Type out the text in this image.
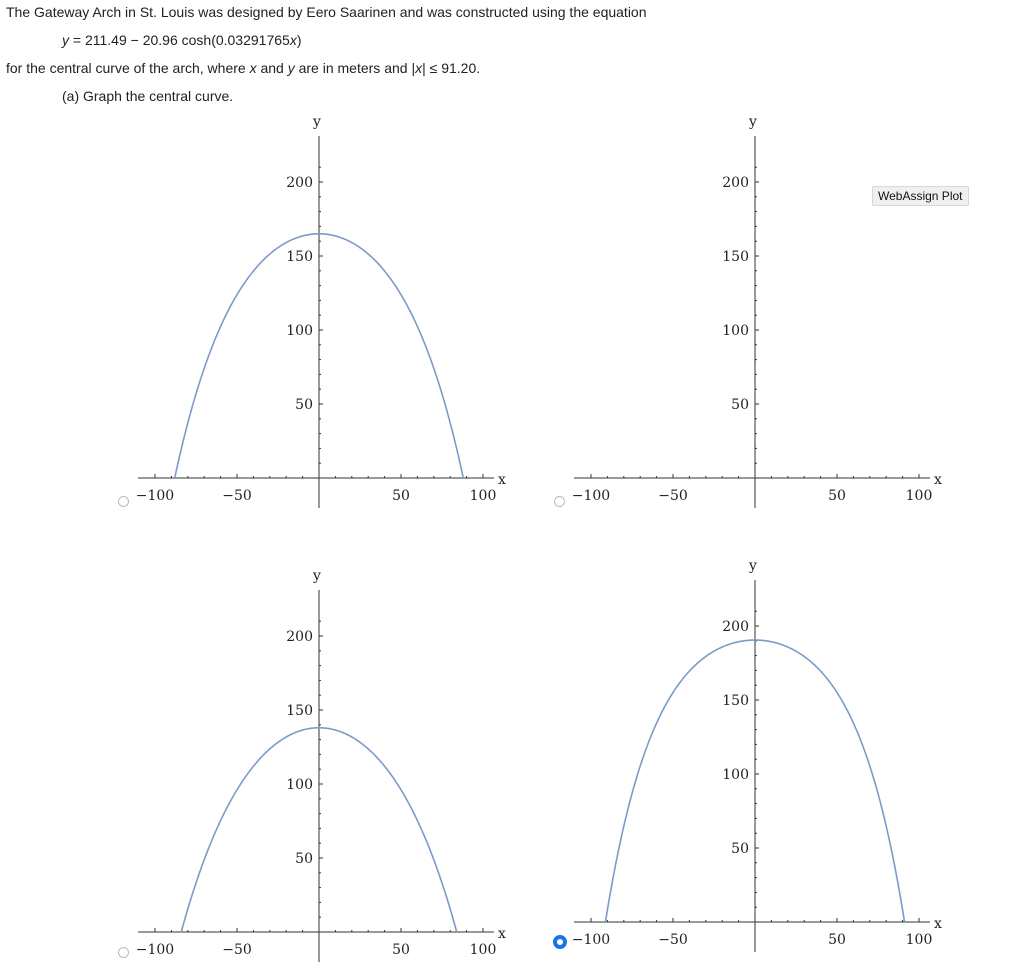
The Gateway Arch in St. Louis was designed by Eero Saarinen and was constructed using the equation
y = 211.49 − 20.96 cosh(0.03291765x)
for the central curve of the arch, where x and y are in meters and |x| ≤ 91.20.
(a) Graph the central curve.
−100	−50	50	100
50
100
150
200
x
y
−100	−50	50	100
50
100
150
200
x
y
−100	−50	50	100
50
100
150
200
x
y
−100	−50	50	100
50
100
150
200
x
y
WebAssign Plot
